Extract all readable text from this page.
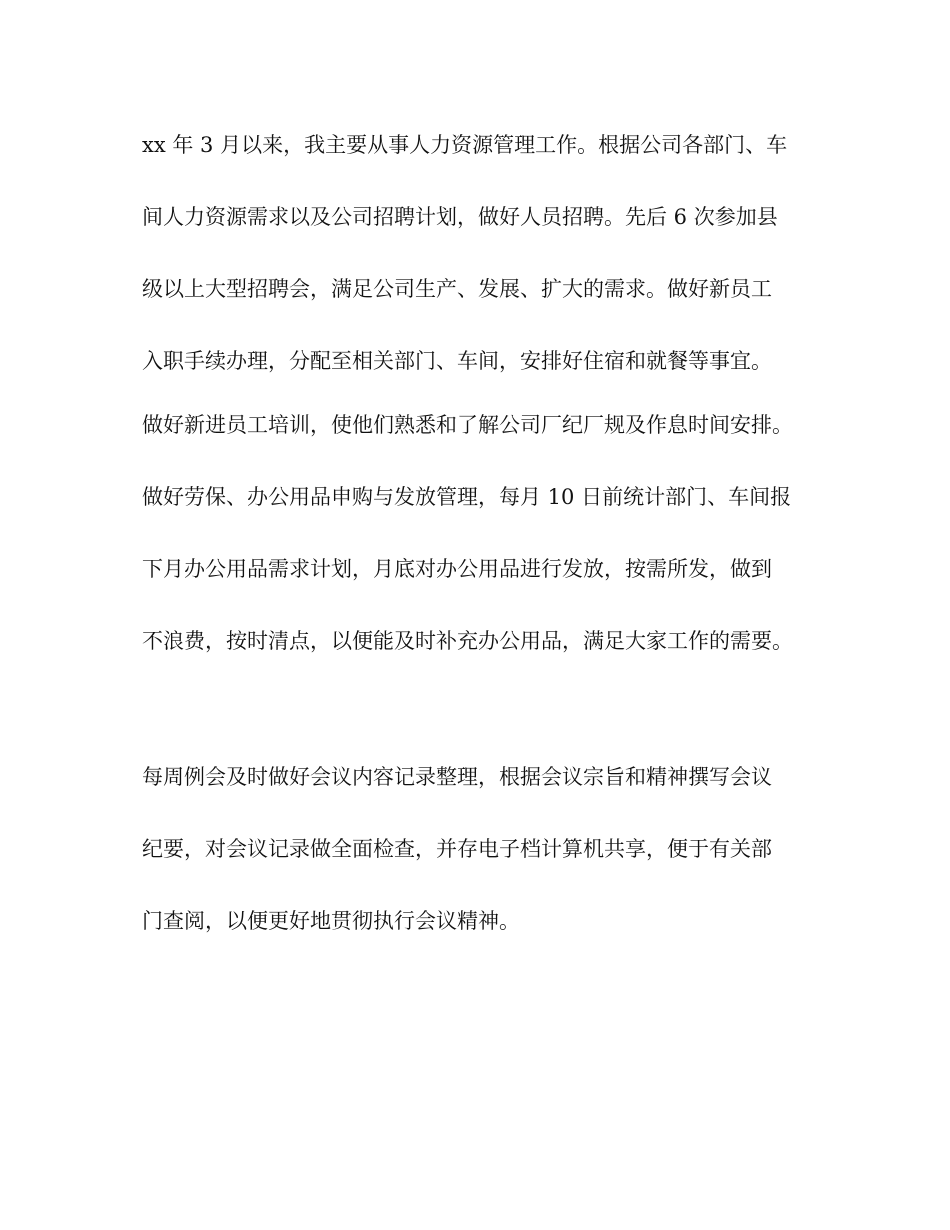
xx 年 3 月以来，我主要从事人力资源管理工作。根据公司各部门、车
间人力资源需求以及公司招聘计划，做好人员招聘。先后 6 次参加县
级以上大型招聘会，满足公司生产、发展、扩大的需求。做好新员工
入职手续办理，分配至相关部门、车间，安排好住宿和就餐等事宜。
做好新进员工培训，使他们熟悉和了解公司厂纪厂规及作息时间安排。
做好劳保、办公用品申购与发放管理，每月 10 日前统计部门、车间报
下月办公用品需求计划，月底对办公用品进行发放，按需所发，做到
不浪费，按时清点，以便能及时补充办公用品，满足大家工作的需要。
每周例会及时做好会议内容记录整理，根据会议宗旨和精神撰写会议
纪要，对会议记录做全面检查，并存电子档计算机共享，便于有关部
门查阅，以便更好地贯彻执行会议精神。
